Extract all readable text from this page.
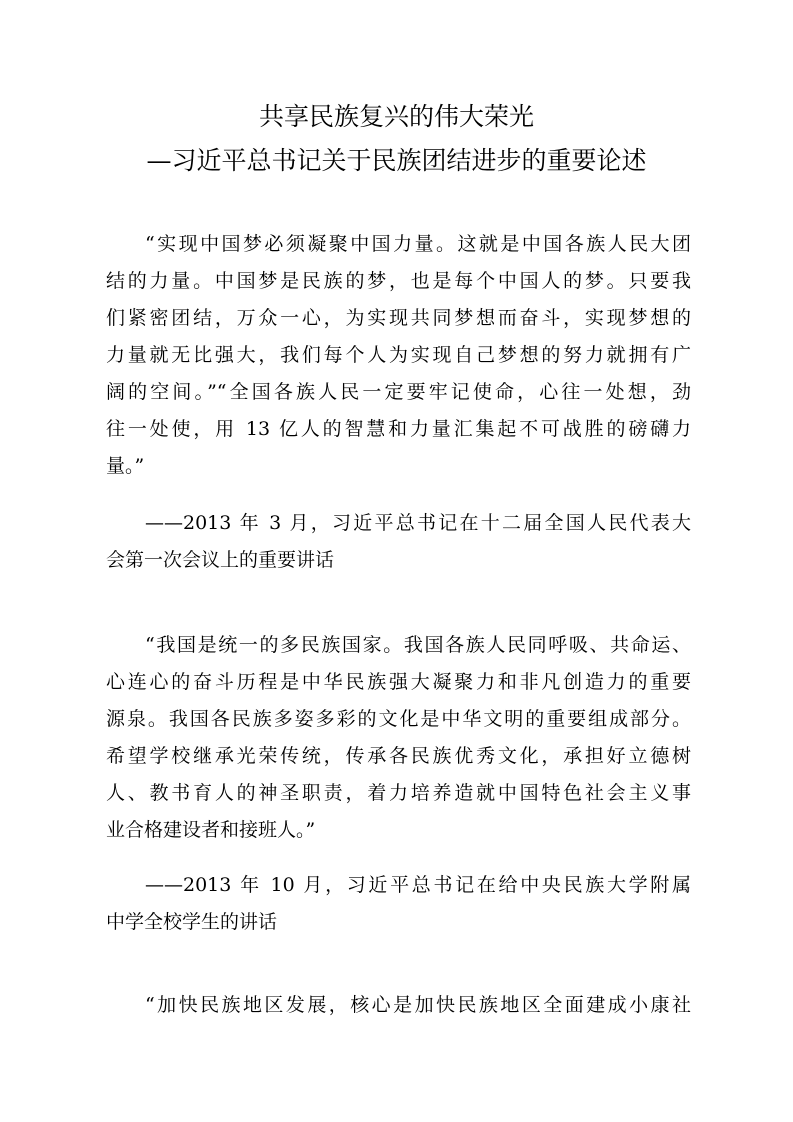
共享民族复兴的伟大荣光
—习近平总书记关于民族团结进步的重要论述
“实现中国梦必须凝聚中国力量。这就是中国各族人民大团
结的力量。中国梦是民族的梦，也是每个中国人的梦。只要我
们紧密团结，万众一心，为实现共同梦想而奋斗，实现梦想的
力量就无比强大，我们每个人为实现自己梦想的努力就拥有广
阔的空间。”“全国各族人民一定要牢记使命，心往一处想，劲
往一处使，用 13 亿人的智慧和力量汇集起不可战胜的磅礴力
量。”
——2013 年 3 月，习近平总书记在十二届全国人民代表大
会第一次会议上的重要讲话
“我国是统一的多民族国家。我国各族人民同呼吸、共命运、
心连心的奋斗历程是中华民族强大凝聚力和非凡创造力的重要
源泉。我国各民族多姿多彩的文化是中华文明的重要组成部分。
希望学校继承光荣传统，传承各民族优秀文化，承担好立德树
人、教书育人的神圣职责，着力培养造就中国特色社会主义事
业合格建设者和接班人。”
——2013 年 10 月，习近平总书记在给中央民族大学附属
中学全校学生的讲话
“加快民族地区发展，核心是加快民族地区全面建成小康社
